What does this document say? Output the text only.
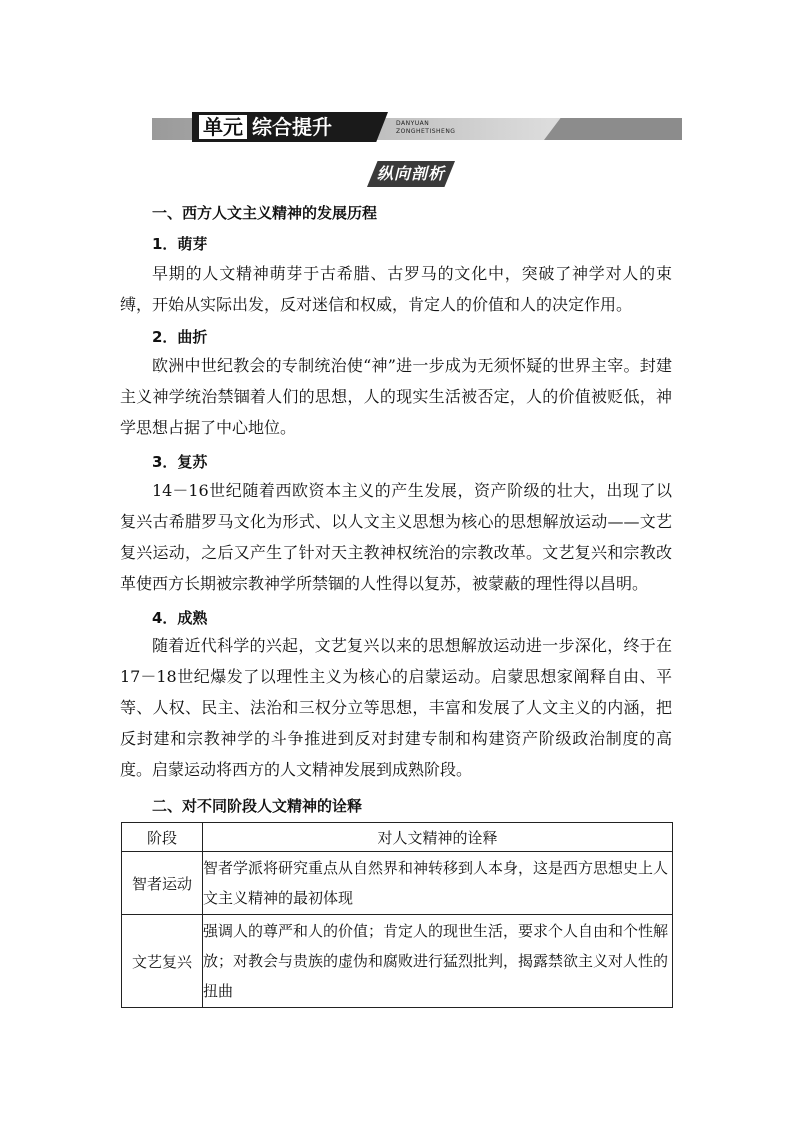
单元 综合提升	DANYUAN
ZONGHETISHENG
纵向剖析
一、西方人文主义精神的发展历程
1．萌芽
早期的人文精神萌芽于古希腊、古罗马的文化中，突破了神学对人的束缚，开始从实际出发，反对迷信和权威，肯定人的价值和人的决定作用。
2．曲折
欧洲中世纪教会的专制统治使“神”进一步成为无须怀疑的世界主宰。封建主义神学统治禁锢着人们的思想，人的现实生活被否定，人的价值被贬低，神学思想占据了中心地位。
3．复苏
14－16世纪随着西欧资本主义的产生发展，资产阶级的壮大，出现了以复兴古希腊罗马文化为形式、以人文主义思想为核心的思想解放运动——文艺复兴运动，之后又产生了针对天主教神权统治的宗教改革。文艺复兴和宗教改革使西方长期被宗教神学所禁锢的人性得以复苏，被蒙蔽的理性得以昌明。
4．成熟
随着近代科学的兴起，文艺复兴以来的思想解放运动进一步深化，终于在17－18世纪爆发了以理性主义为核心的启蒙运动。启蒙思想家阐释自由、平等、人权、民主、法治和三权分立等思想，丰富和发展了人文主义的内涵，把反封建和宗教神学的斗争推进到反对封建专制和构建资产阶级政治制度的高度。启蒙运动将西方的人文精神发展到成熟阶段。
二、对不同阶段人文精神的诠释
阶段	对人文精神的诠释
智者运动	智者学派将研究重点从自然界和神转移到人本身，这是西方思想史上人文主义精神的最初体现
文艺复兴	强调人的尊严和人的价值；肯定人的现世生活，要求个人自由和个性解放；对教会与贵族的虚伪和腐败进行猛烈批判，揭露禁欲主义对人性的扭曲
